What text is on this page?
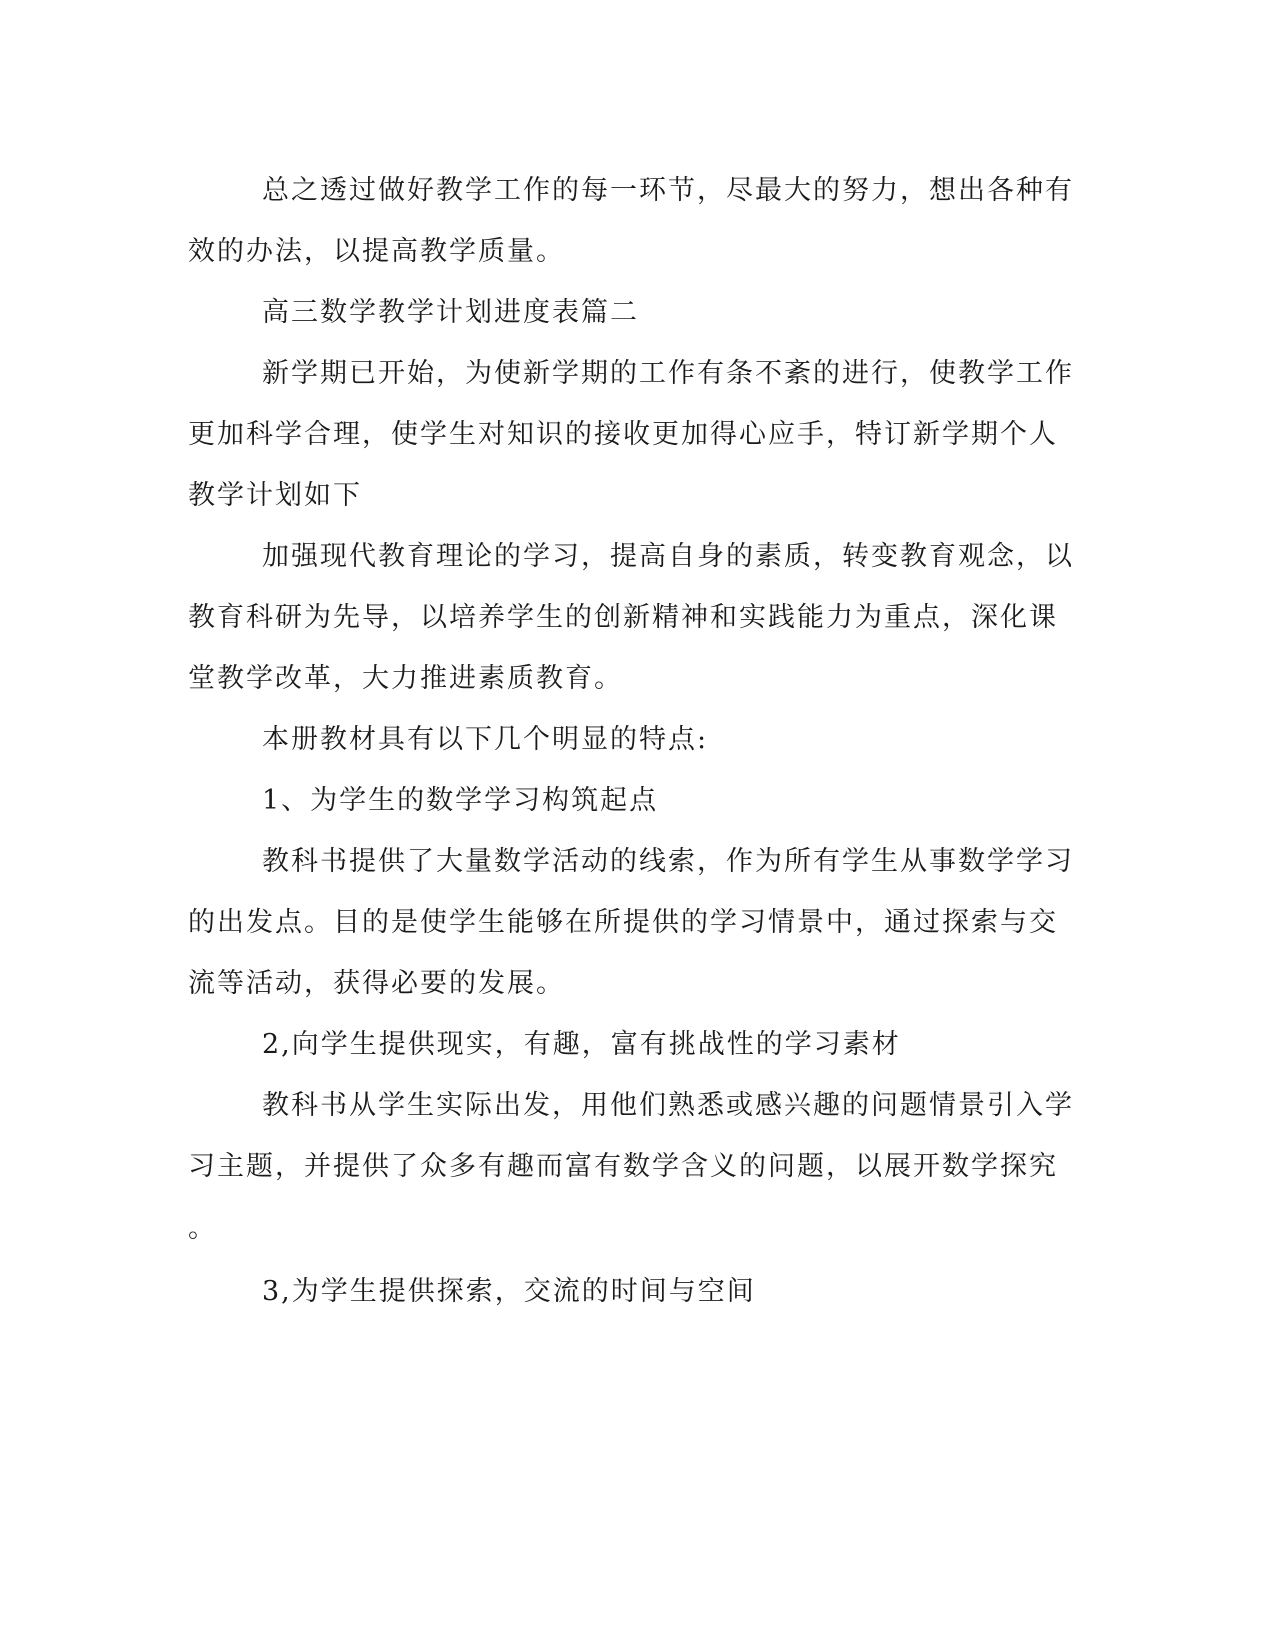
总之透过做好教学工作的每一环节，尽最大的努力，想出各种有
效的办法，以提高教学质量。
高三数学教学计划进度表篇二
新学期已开始，为使新学期的工作有条不紊的进行，使教学工作
更加科学合理，使学生对知识的接收更加得心应手，特订新学期个人
教学计划如下
加强现代教育理论的学习，提高自身的素质，转变教育观念，以
教育科研为先导，以培养学生的创新精神和实践能力为重点，深化课
堂教学改革，大力推进素质教育。
本册教材具有以下几个明显的特点:
1、为学生的数学学习构筑起点
教科书提供了大量数学活动的线索，作为所有学生从事数学学习
的出发点。目的是使学生能够在所提供的学习情景中，通过探索与交
流等活动，获得必要的发展。
2,向学生提供现实，有趣，富有挑战性的学习素材
教科书从学生实际出发，用他们熟悉或感兴趣的问题情景引入学
习主题，并提供了众多有趣而富有数学含义的问题，以展开数学探究
。
3,为学生提供探索，交流的时间与空间
